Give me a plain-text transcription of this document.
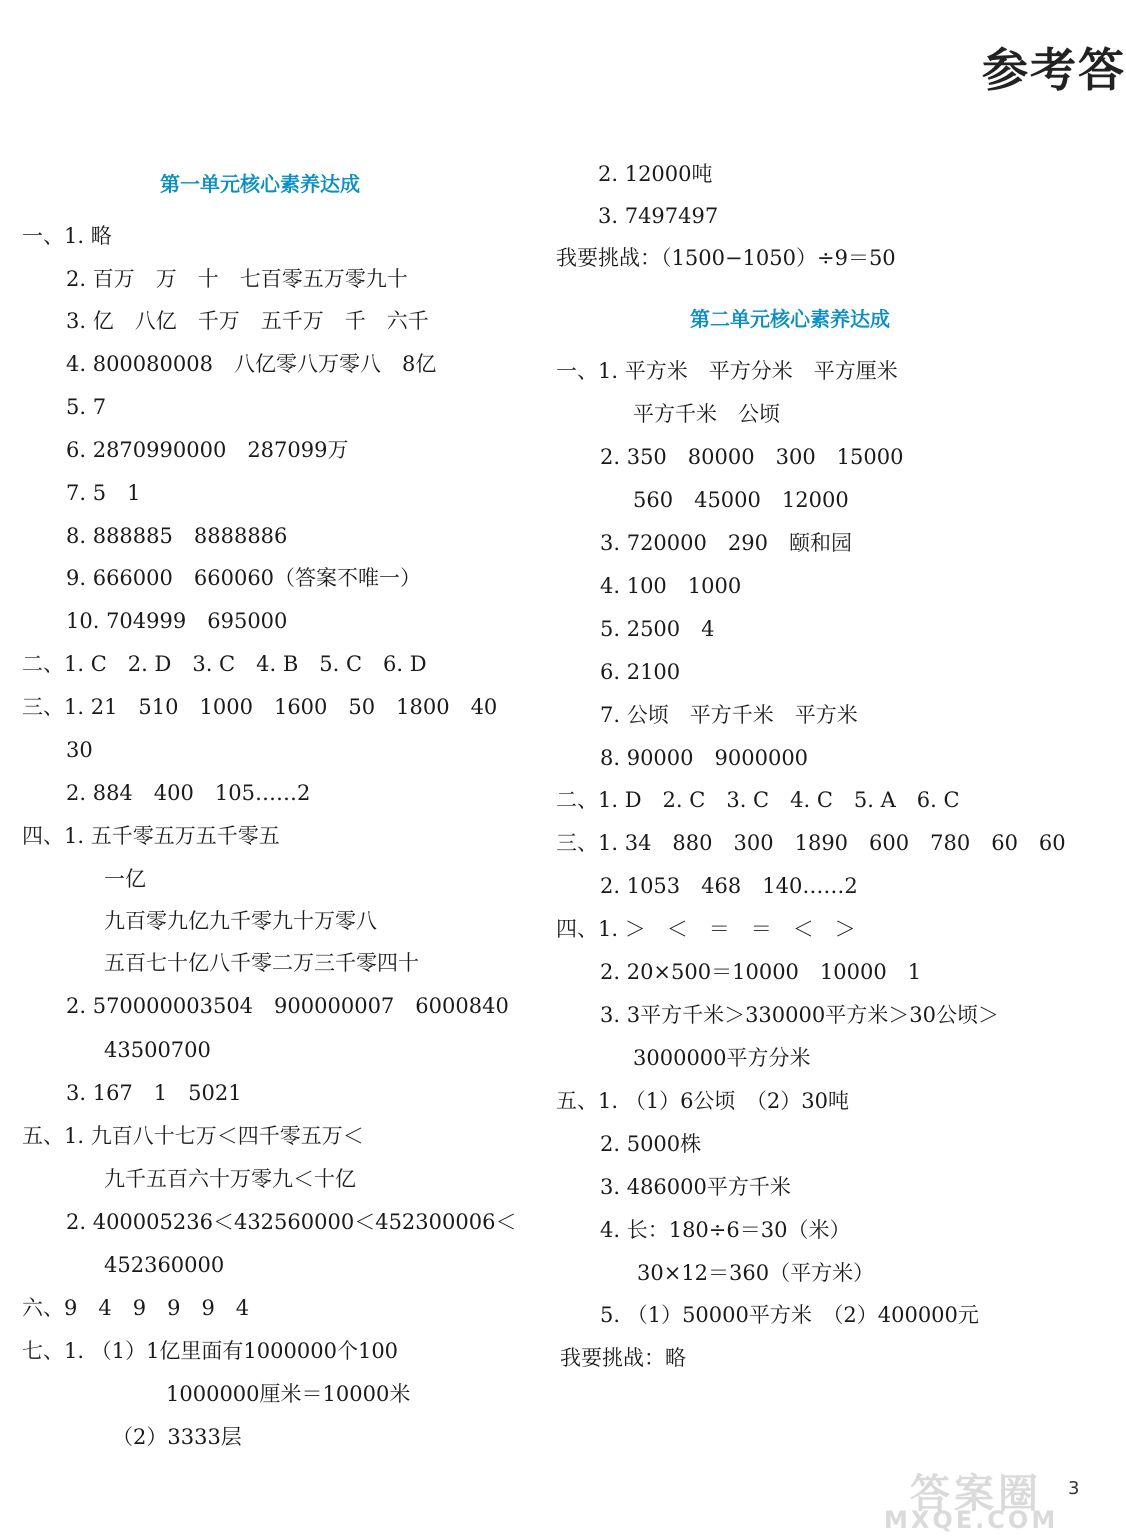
参考答
第一单元核心素养达成
一、1. 略
2. 百万　万　十　七百零五万零九十
3. 亿　八亿　千万　五千万　千　六千
4. 800080008　八亿零八万零八　8亿
5. 7
6. 2870990000　287099万
7. 5　1
8. 888885　8888886
9. 666000　660060（答案不唯一）
10. 704999　695000
二、1. C　2. D　3. C　4. B　5. C　6. D
三、1. 21　510　1000　1600　50　1800　40
30
2. 884　400　105……2
四、1. 五千零五万五千零五
一亿
九百零九亿九千零九十万零八
五百七十亿八千零二万三千零四十
2. 570000003504　900000007　6000840
43500700
3. 167　1　5021
五、1. 九百八十七万＜四千零五万＜
九千五百六十万零九＜十亿
2. 400005236＜432560000＜452300006＜
452360000
六、9　4　9　9　9　4
七、1. （1）1亿里面有1000000个100
1000000厘米＝10000米
（2）3333层
2. 12000吨
3. 7497497
我要挑战：（1500−1050）÷9＝50
第二单元核心素养达成
一、1. 平方米　平方分米　平方厘米
平方千米　公顷
2. 350　80000　300　15000
560　45000　12000
3. 720000　290　颐和园
4. 100　1000
5. 2500　4
6. 2100
7. 公顷　平方千米　平方米
8. 90000　9000000
二、1. D　2. C　3. C　4. C　5. A　6. C
三、1. 34　880　300　1890　600　780　60　60
2. 1053　468　140……2
四、1. ＞　＜　＝　＝　＜　＞
2. 20×500＝10000　10000　1
3. 3平方千米＞330000平方米＞30公顷＞
3000000平方分米
五、1. （1）6公顷　（2）30吨
2. 5000株
3. 486000平方千米
4. 长：180÷6＝30（米）
30×12＝360（平方米）
5. （1）50000平方米　（2）400000元
我要挑战：略
答案圈
MXQE.COM
3
